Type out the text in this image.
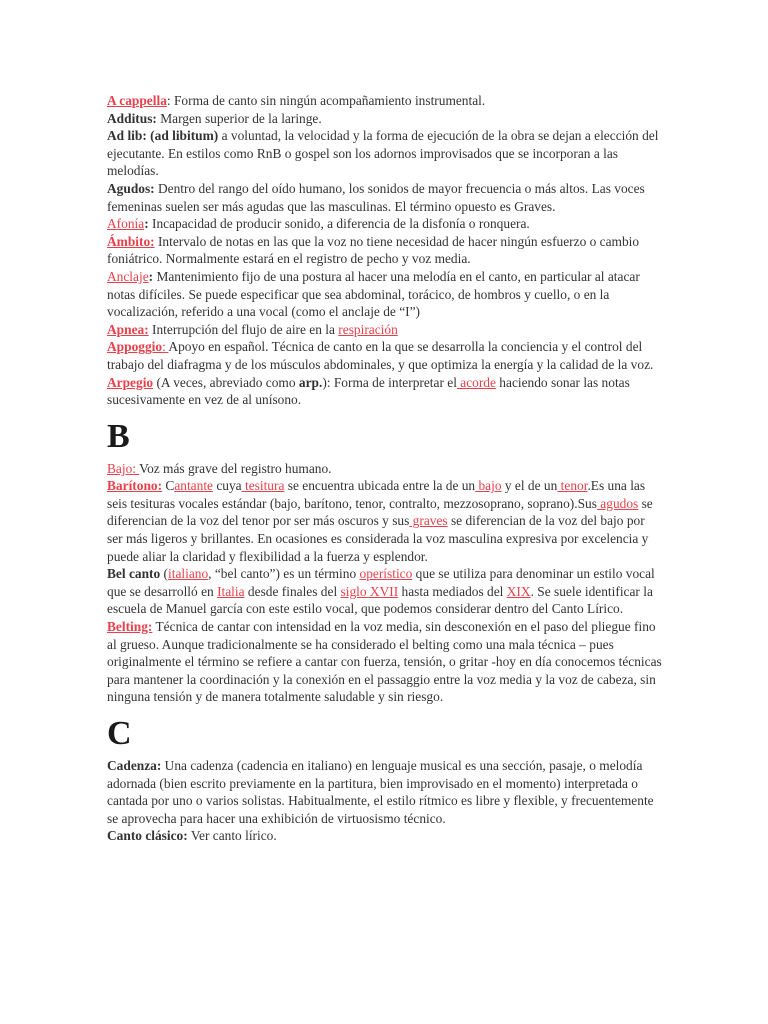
A cappella: Forma de canto sin ningún acompañamiento instrumental.

Additus: Margen superior de la laringe.

Ad lib: (ad libitum) a voluntad, la velocidad y la forma de ejecución de la obra se dejan a elección del ejecutante. En estilos como RnB o gospel son los adornos improvisados que se incorporan a las melodías.

Agudos: Dentro del rango del oído humano, los sonidos de mayor frecuencia o más altos. Las voces femeninas suelen ser más agudas que las masculinas. El término opuesto es Graves.

Afonía: Incapacidad de producir sonido, a diferencia de la disfonía o ronquera.

Ámbito: Intervalo de notas en las que la voz no tiene necesidad de hacer ningún esfuerzo o cambio foniátrico. Normalmente estará en el registro de pecho y voz media.

Anclaje: Mantenimiento fijo de una postura al hacer una melodía en el canto, en particular al atacar notas difíciles. Se puede especificar que sea abdominal, torácico, de hombros y cuello, o en la vocalización, referido a una vocal (como el anclaje de “I”)

Apnea: Interrupción del flujo de aire en la respiración

Appoggio: Apoyo en español. Técnica de canto en la que se desarrolla la conciencia y el control del trabajo del diafragma y de los músculos abdominales, y que optimiza la energía y la calidad de la voz.

Arpegio (A veces, abreviado como arp.): Forma de interpretar el acorde haciendo sonar las notas sucesivamente en vez de al unísono.

B

Bajo: Voz más grave del registro humano.

Barítono: Cantante cuya tesitura se encuentra ubicada entre la de un bajo y el de un tenor.Es una las seis tesituras vocales estándar (bajo, barítono, tenor, contralto, mezzosoprano, soprano).Sus agudos se diferencian de la voz del tenor por ser más oscuros y sus graves se diferencian de la voz del bajo por ser más ligeros y brillantes. En ocasiones es considerada la voz masculina expresiva por excelencia y puede aliar la claridad y flexibilidad a la fuerza y esplendor.

Bel canto (italiano, “bel canto”) es un término operístico que se utiliza para denominar un estilo vocal que se desarrolló en Italia desde finales del siglo XVII hasta mediados del XIX. Se suele identificar la escuela de Manuel garcía con este estilo vocal, que podemos considerar dentro del Canto Lírico.

Belting: Técnica de cantar con intensidad en la voz media, sin desconexión en el paso del pliegue fino al grueso. Aunque tradicionalmente se ha considerado el belting como una mala técnica – pues originalmente el término se refiere a cantar con fuerza, tensión, o gritar -hoy en día conocemos técnicas para mantener la coordinación y la conexión en el passaggio entre la voz media y la voz de cabeza, sin ninguna tensión y de manera totalmente saludable y sin riesgo.

C

Cadenza: Una cadenza (cadencia en italiano) en lenguaje musical es una sección, pasaje, o melodía adornada (bien escrito previamente en la partitura, bien improvisado en el momento) interpretada o cantada por uno o varios solistas. Habitualmente, el estilo rítmico es libre y flexible, y frecuentemente se aprovecha para hacer una exhibición de virtuosismo técnico.

Canto clásico: Ver canto lírico.
